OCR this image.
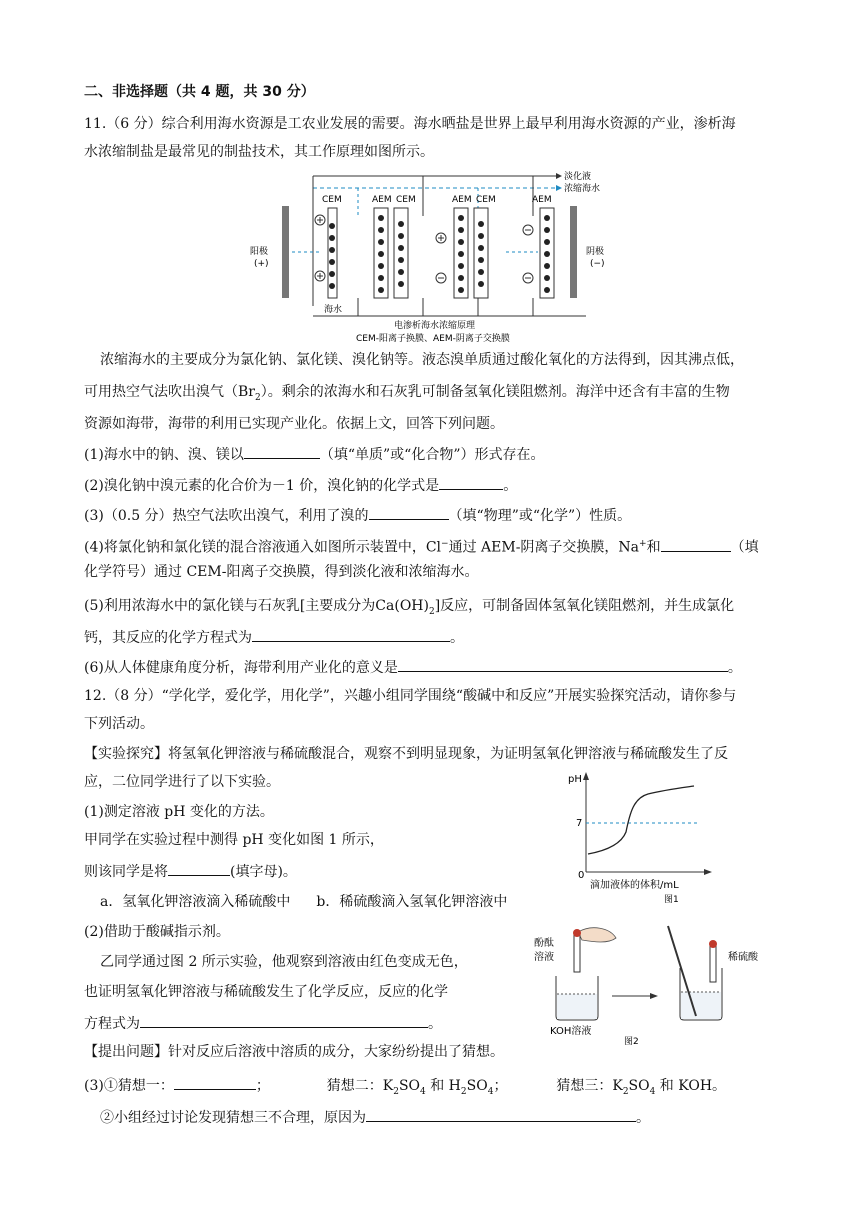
二、非选择题（共 4 题，共 30 分）
11.（6 分）综合利用海水资源是工农业发展的需要。海水晒盐是世界上最早利用海水资源的产业，渗析海
水浓缩制盐是最常见的制盐技术，其工作原理如图所示。
淡化液
浓缩海水
阳极
(+)
阴极
(−)
CEM	AEM CEM	AEM CEM	AEM
海水
电渗析海水浓缩原理
CEM-阳离子换膜、AEM-阴离子交换膜
浓缩海水的主要成分为氯化钠、氯化镁、溴化钠等。液态溴单质通过酸化氧化的方法得到，因其沸点低，
可用热空气法吹出溴气$(Br_2)$。剩余的浓海水和石灰乳可制备氢氧化镁阻燃剂。海洋中还含有丰富的生物
资源如海带，海带的利用已实现产业化。依据上文，回答下列问题。
(1)海水中的钠、溴、镁以	（填“单质”或“化合物”）形式存在。
(2)溴化钠中溴元素的化合价为－1 价，溴化钠的化学式是	。
(3)（0.5 分）热空气法吹出溴气，利用了溴的	（填“物理”或“化学”）性质。
(4)将氯化钠和氯化镁的混合溶液通入如图所示装置中，Cl−通过 AEM-阴离子交换膜，Na+和	（填
化学符号）通过 CEM-阳离子交换膜，得到淡化液和浓缩海水。
(5)利用浓海水中的氯化镁与石灰乳[主要成分为$Ca(OH)_2$]反应，可制备固体氢氧化镁阻燃剂，并生成氯化
钙，其反应的化学方程式为	。
(6)从人体健康角度分析，海带利用产业化的意义是	。
12.（8 分）“学化学，爱化学，用化学”，兴趣小组同学围绕“酸碱中和反应”开展实验探究活动，请你参与
下列活动。
【实验探究】将氢氧化钾溶液与稀硫酸混合，观察不到明显现象，为证明氢氧化钾溶液与稀硫酸发生了反
应，二位同学进行了以下实验。
(1)测定溶液 pH 变化的方法。
甲同学在实验过程中测得 pH 变化如图 1 所示，
则该同学是将	(填字母)。
a．氢氧化钾溶液滴入稀硫酸中 b．稀硫酸滴入氢氧化钾溶液中
(2)借助于酸碱指示剂。
乙同学通过图 2 所示实验，他观察到溶液由红色变成无色，
也证明氢氧化钾溶液与稀硫酸发生了化学反应，反应的化学
方程式为	。
【提出问题】针对反应后溶液中溶质的成分，大家纷纷提出了猜想。
(3)①猜想一：	；	猜想二：$K_2SO_4$ 和 $H_2SO_4$；	猜想三：$K_2SO_4$ 和 KOH。
②小组经过讨论发现猜想三不合理，原因为	。
pH
7
0
滴加液体的体积/mL
图1
酚酞
溶液
KOH溶液
稀硫酸
图2
